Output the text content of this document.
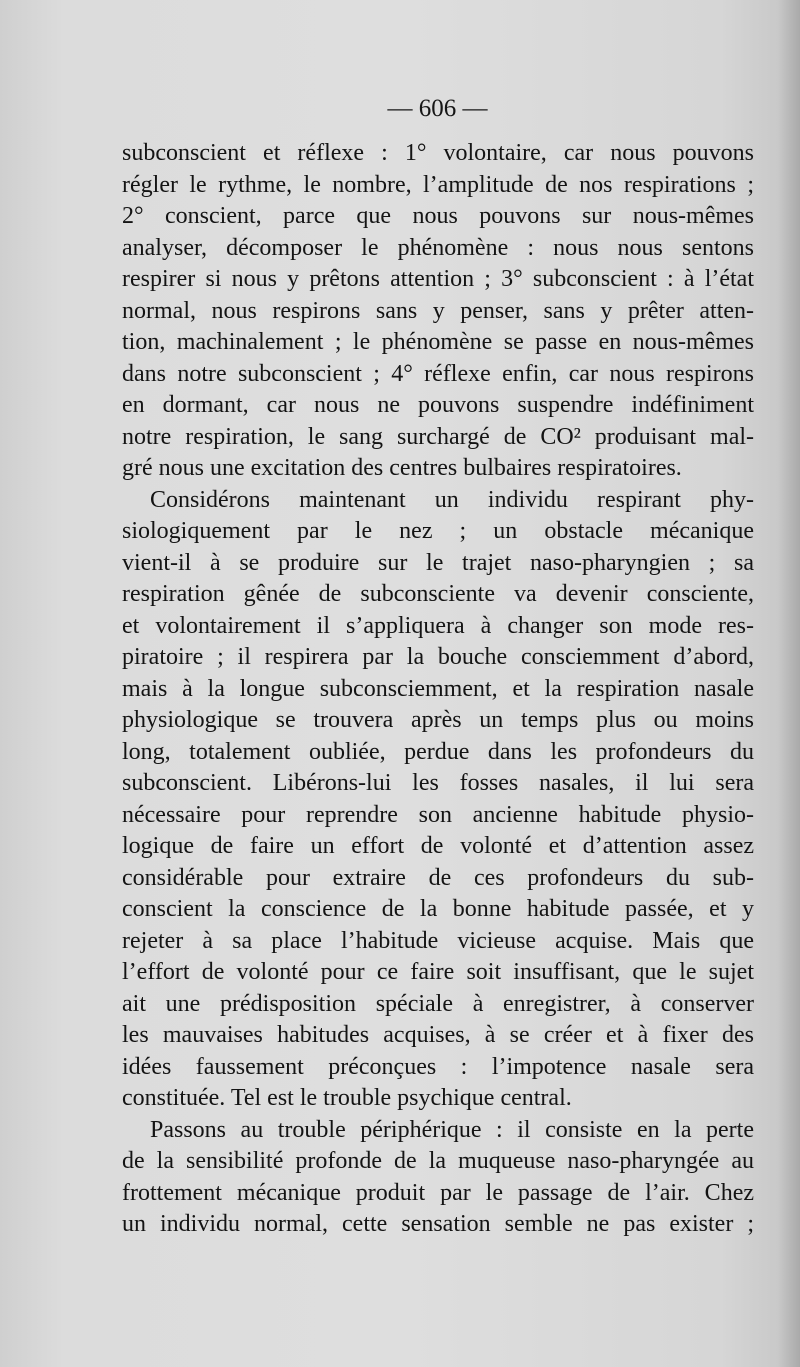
— 606 —
subconscient et réflexe : 1° volontaire, car nous pouvons
régler le rythme, le nombre, l’amplitude de nos respirations ;
2° conscient, parce que nous pouvons sur nous-mêmes
analyser, décomposer le phénomène : nous nous sentons
respirer si nous y prêtons attention ; 3° subconscient : à l’état
normal, nous respirons sans y penser, sans y prêter atten-
tion, machinalement ; le phénomène se passe en nous-mêmes
dans notre subconscient ; 4° réflexe enfin, car nous respirons
en dormant, car nous ne pouvons suspendre indéfiniment
notre respiration, le sang surchargé de CO² produisant mal-
gré nous une excitation des centres bulbaires respiratoires.
Considérons maintenant un individu respirant phy-
siologiquement par le nez ; un obstacle mécanique
vient-il à se produire sur le trajet naso-pharyngien ; sa
respiration gênée de subconsciente va devenir consciente,
et volontairement il s’appliquera à changer son mode res-
piratoire ; il respirera par la bouche consciemment d’abord,
mais à la longue subconsciemment, et la respiration nasale
physiologique se trouvera après un temps plus ou moins
long, totalement oubliée, perdue dans les profondeurs du
subconscient. Libérons-lui les fosses nasales, il lui sera
nécessaire pour reprendre son ancienne habitude physio-
logique de faire un effort de volonté et d’attention assez
considérable pour extraire de ces profondeurs du sub-
conscient la conscience de la bonne habitude passée, et y
rejeter à sa place l’habitude vicieuse acquise. Mais que
l’effort de volonté pour ce faire soit insuffisant, que le sujet
ait une prédisposition spéciale à enregistrer, à conserver
les mauvaises habitudes acquises, à se créer et à fixer des
idées faussement préconçues : l’impotence nasale sera
constituée. Tel est le trouble psychique central.
Passons au trouble périphérique : il consiste en la perte
de la sensibilité profonde de la muqueuse naso-pharyngée au
frottement mécanique produit par le passage de l’air. Chez
un individu normal, cette sensation semble ne pas exister ;
